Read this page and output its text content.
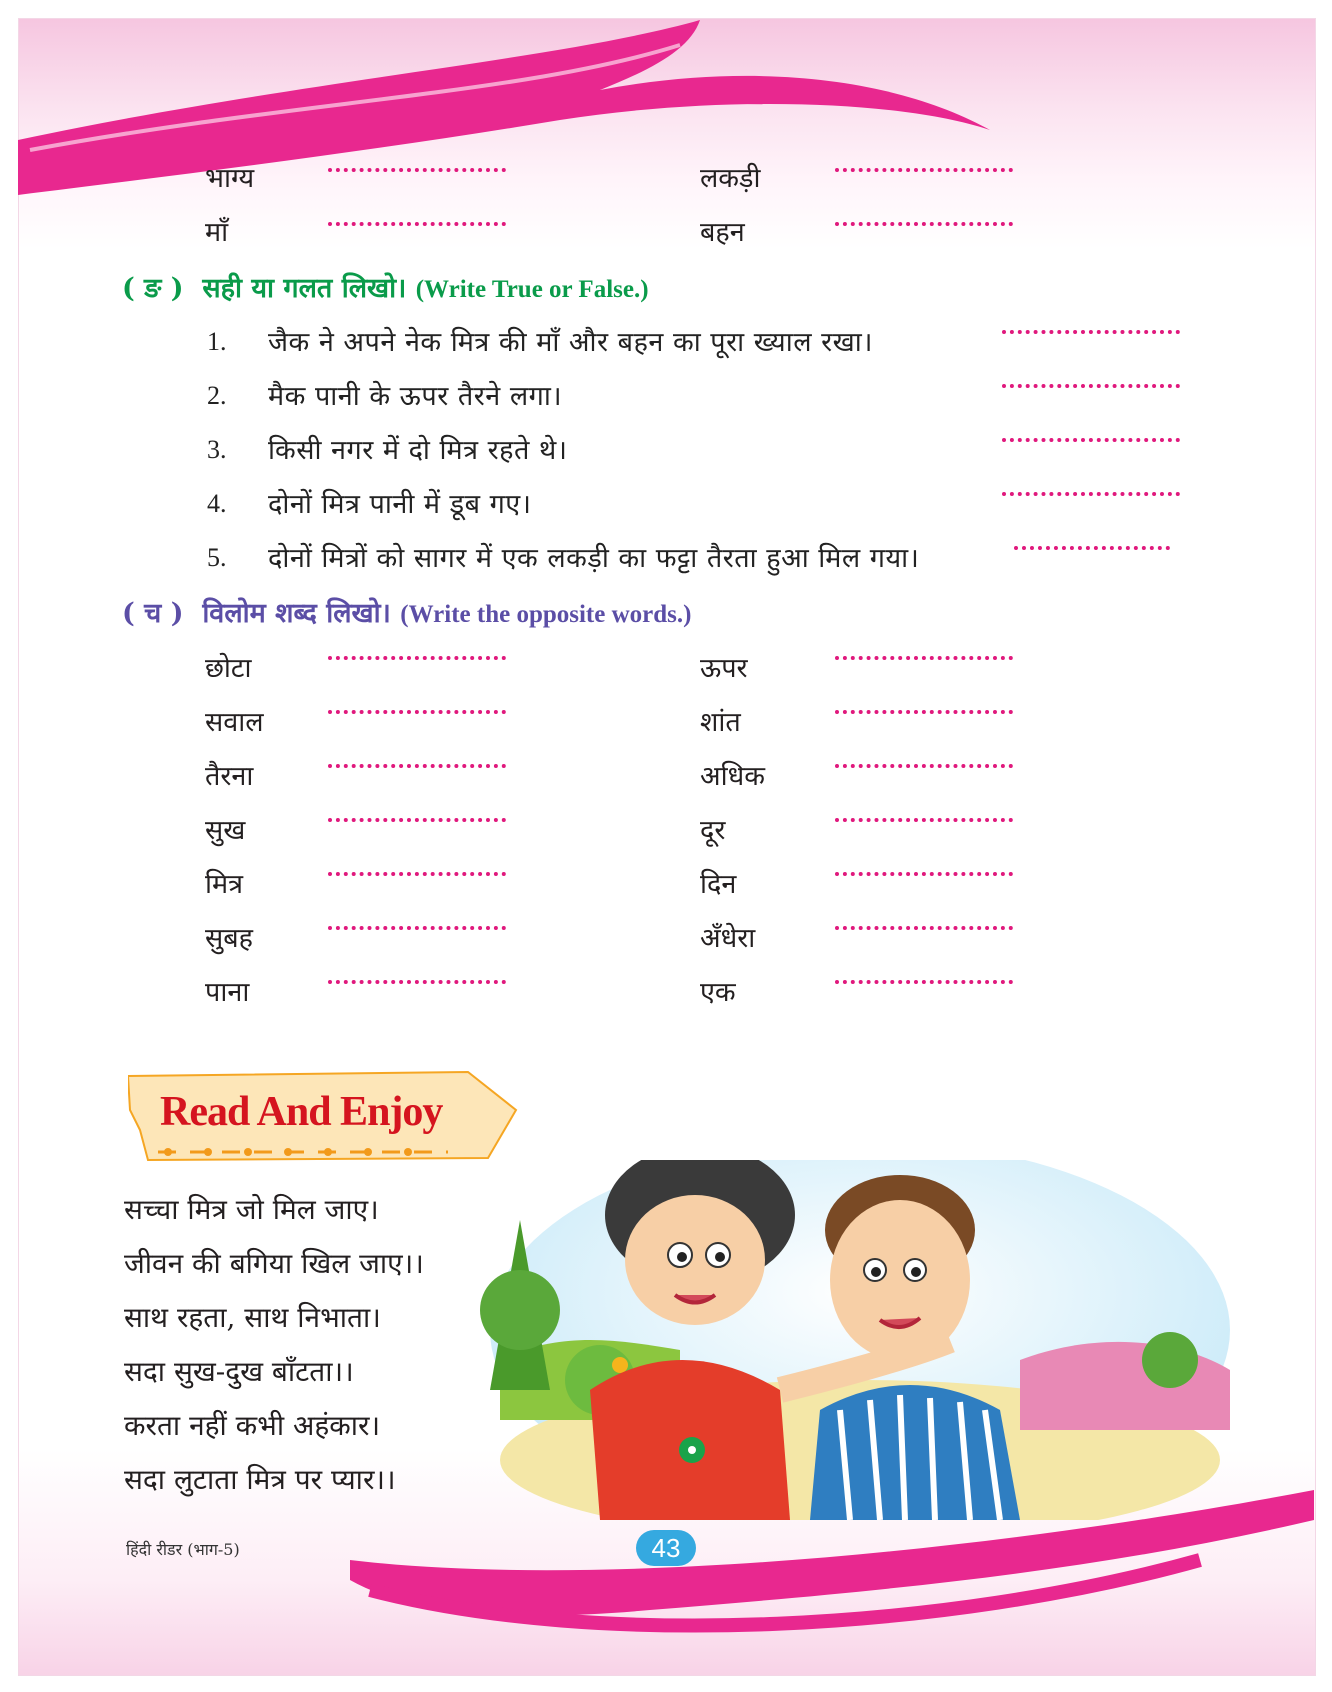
भाग्य	लकड़ी
माँ	बहन
( ङ ) सही या गलत लिखो। (Write True or False.)
1. जैक ने अपने नेक मित्र की माँ और बहन का पूरा ख्याल रखा।
2. मैक पानी के ऊपर तैरने लगा।
3. किसी नगर में दो मित्र रहते थे।
4. दोनों मित्र पानी में डूब गए।
5. दोनों मित्रों को सागर में एक लकड़ी का फट्टा तैरता हुआ मिल गया।
( च ) विलोम शब्द लिखो। (Write the opposite words.)
छोटा	ऊपर
सवाल	शांत
तैरना	अधिक
सुख	दूर
मित्र	दिन
सुबह	अँधेरा
पाना	एक
Read And Enjoy
सच्चा मित्र जो मिल जाए।
जीवन की बगिया खिल जाए।।
साथ रहता, साथ निभाता।
सदा सुख-दुख बाँटता।।
करता नहीं कभी अहंकार।
सदा लुटाता मित्र पर प्यार।।
हिंदी रीडर (भाग-5)	43
